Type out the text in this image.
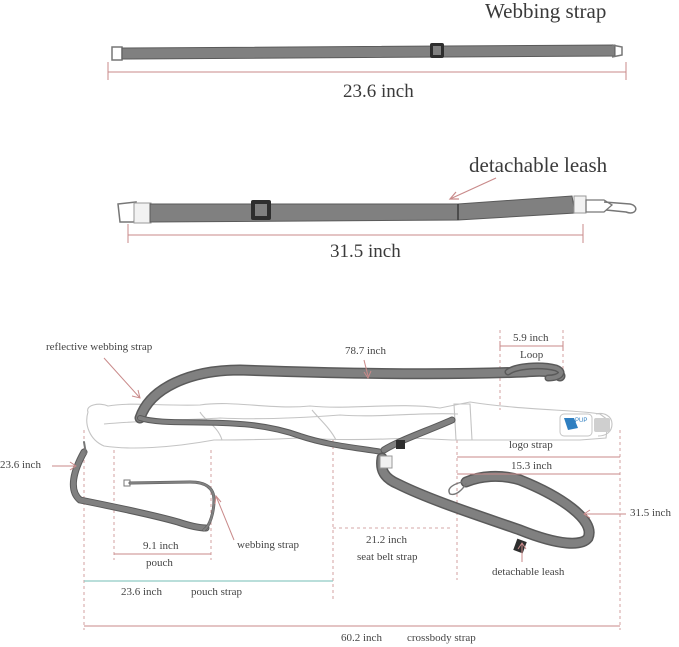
Webbing strap
23.6 inch
detachable leash
31.5 inch
reflective webbing strap	78.7 inch
5.9 inch
Loop
logo strap
15.3 inch
23.6 inch
31.5 inch
9.1 inch
pouch
webbing strap	21.2 inch
seat belt strap
detachable leash
23.6 inch	pouch strap
60.2 inch crossbody strap
PUP
